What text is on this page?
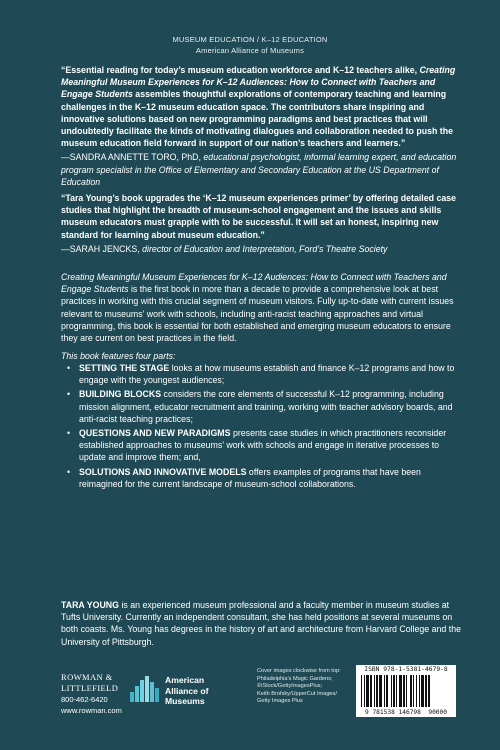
MUSEUM EDUCATION / K–12 EDUCATION
American Alliance of Museums
“Essential reading for today’s museum education workforce and K–12 teachers alike, Creating Meaningful Museum Experiences for K–12 Audiences: How to Connect with Teachers and Engage Students assembles thoughtful explorations of contemporary teaching and learning challenges in the K–12 museum education space. The contributors share inspiring and innovative solutions based on new programming paradigms and best practices that will undoubtedly facilitate the kinds of motivating dialogues and collaboration needed to push the museum education field forward in support of our nation’s teachers and learners.”
—SANDRA ANNETTE TORO, PhD, educational psychologist, informal learning expert, and education program specialist in the Office of Elementary and Secondary Education at the US Department of Education
“Tara Young’s book upgrades the ‘K–12 museum experiences primer’ by offering detailed case studies that highlight the breadth of museum-school engagement and the issues and skills museum educators must grapple with to be successful. It will set an honest, inspiring new standard for learning about museum education.”
—SARAH JENCKS, director of Education and Interpretation, Ford’s Theatre Society
Creating Meaningful Museum Experiences for K–12 Audiences: How to Connect with Teachers and Engage Students is the first book in more than a decade to provide a comprehensive look at best practices in working with this crucial segment of museum visitors. Fully up-to-date with current issues relevant to museums’ work with schools, including anti-racist teaching approaches and virtual programming, this book is essential for both established and emerging museum educators to ensure they are current on best practices in the field.
This book features four parts:
• SETTING THE STAGE looks at how museums establish and finance K–12 programs and how to engage with the youngest audiences;
• BUILDING BLOCKS considers the core elements of successful K–12 programming, including mission alignment, educator recruitment and training, working with teacher advisory boards, and anti-racist teaching practices;
• QUESTIONS AND NEW PARADIGMS presents case studies in which practitioners reconsider established approaches to museums’ work with schools and engage in iterative processes to update and improve them; and,
• SOLUTIONS AND INNOVATIVE MODELS offers examples of programs that have been reimagined for the current landscape of museum-school collaborations.
TARA YOUNG is an experienced museum professional and a faculty member in museum studies at Tufts University. Currently an independent consultant, she has held positions at several museums on both coasts. Ms. Young has degrees in the history of art and architecture from Harvard College and the University of Pittsburgh.
ROWMAN &
LITTLEFIELD
800-462-6420
www.rowman.com
American
Alliance of
Museums
Cover images clockwise from top:
Philadelphia’s Magic Gardens;
©iStock/GettyImagesPlus;
Keith Brofsky/UpperCut Images/
Getty Images Plus
ISBN 978-1-5381-4679-8
9 781538 146798 90000
